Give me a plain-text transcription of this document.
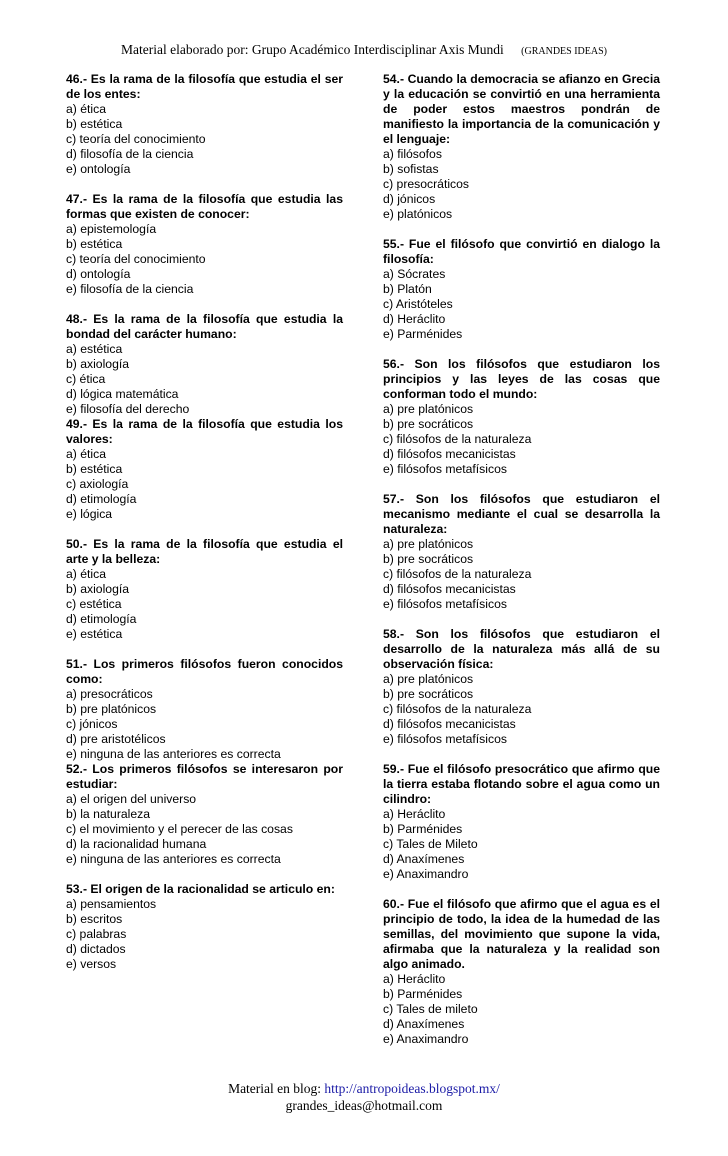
Material elaborado por: Grupo Académico Interdisciplinar Axis Mundi (GRANDES IDEAS)
46.- Es la rama de la filosofía que estudia el ser de los entes:
a) ética
b) estética
c) teoría del conocimiento
d) filosofía de la ciencia
e) ontología
47.- Es la rama de la filosofía que estudia las formas que existen de conocer:
a) epistemología
b) estética
c) teoría del conocimiento
d) ontología
e) filosofía de la ciencia
48.- Es la rama de la filosofía que estudia la bondad del carácter humano:
a) estética
b) axiología
c) ética
d) lógica matemática
e) filosofía del derecho
49.- Es la rama de la filosofía que estudia los valores:
a) ética
b) estética
c) axiología
d) etimología
e) lógica
50.- Es la rama de la filosofía que estudia el arte y la belleza:
a) ética
b) axiología
c) estética
d) etimología
e) estética
51.- Los primeros filósofos fueron conocidos como:
a) presocráticos
b) pre platónicos
c) jónicos
d) pre aristotélicos
e) ninguna de las anteriores es correcta
52.- Los primeros filósofos se interesaron por estudiar:
a) el origen del universo
b) la naturaleza
c) el movimiento y el perecer de las cosas
d) la racionalidad humana
e) ninguna de las anteriores es correcta
53.- El origen de la racionalidad se articulo en:
a) pensamientos
b) escritos
c) palabras
d) dictados
e) versos
54.- Cuando la democracia se afianzo en Grecia y la educación se convirtió en una herramienta de poder estos maestros pondrán de manifiesto la importancia de la comunicación y el lenguaje:
a) filósofos
b) sofistas
c) presocráticos
d) jónicos
e) platónicos
55.- Fue el filósofo que convirtió en dialogo la filosofía:
a) Sócrates
b) Platón
c) Aristóteles
d) Heráclito
e) Parménides
56.- Son los filósofos que estudiaron los principios y las leyes de las cosas que conforman todo el mundo:
a) pre platónicos
b) pre socráticos
c) filósofos de la naturaleza
d) filósofos mecanicistas
e) filósofos metafísicos
57.- Son los filósofos que estudiaron el mecanismo mediante el cual se desarrolla la naturaleza:
a) pre platónicos
b) pre socráticos
c) filósofos de la naturaleza
d) filósofos mecanicistas
e) filósofos metafísicos
58.- Son los filósofos que estudiaron el desarrollo de la naturaleza más allá de su observación física:
a) pre platónicos
b) pre socráticos
c) filósofos de la naturaleza
d) filósofos mecanicistas
e) filósofos metafísicos
59.- Fue el filósofo presocrático que afirmo que la tierra estaba flotando sobre el agua como un cilindro:
a) Heráclito
b) Parménides
c) Tales de Mileto
d) Anaxímenes
e) Anaximandro
60.- Fue el filósofo que afirmo que el agua es el principio de todo, la idea de la humedad de las semillas, del movimiento que supone la vida, afirmaba que la naturaleza y la realidad son algo animado.
a) Heráclito
b) Parménides
c) Tales de mileto
d) Anaxímenes
e) Anaximandro
Material en blog: http://antropoideas.blogspot.mx/
grandes_ideas@hotmail.com
